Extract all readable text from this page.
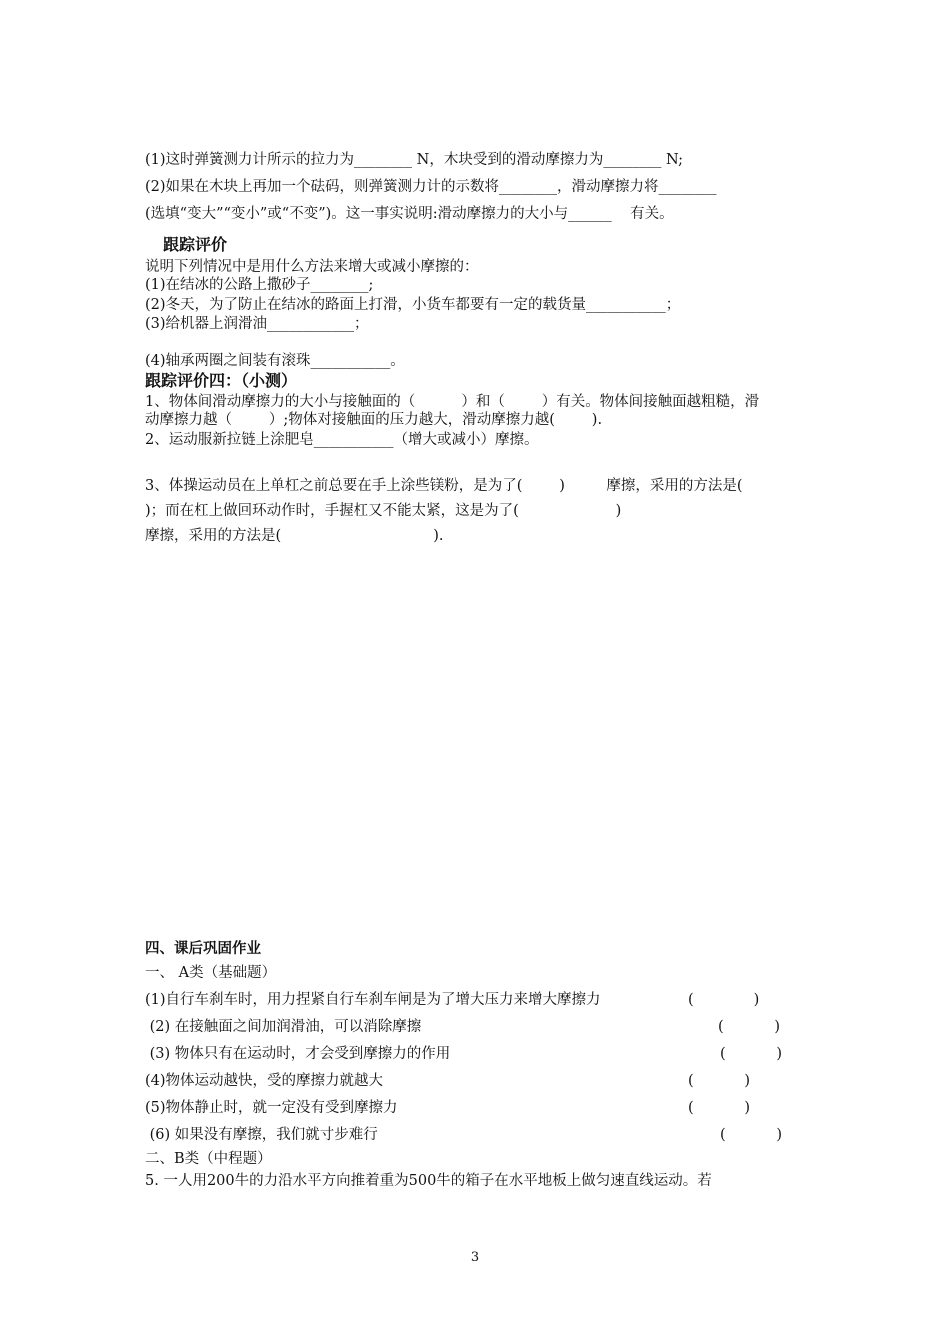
(1)这时弹簧测力计所示的拉力为________ N，木块受到的滑动摩擦力为________ N;
(2)如果在木块上再加一个砝码，则弹簧测力计的示数将________，滑动摩擦力将________
(选填“变大”“变小”或“不变”)。这一事实说明:滑动摩擦力的大小与______    有关。
跟踪评价
说明下列情况中是用什么方法来增大或减小摩擦的：
(1)在结冰的公路上撒砂子________;
(2)冬天，为了防止在结冰的路面上打滑，小货车都要有一定的载货量___________；
(3)给机器上润滑油____________；
(4)轴承两圈之间装有滚珠___________。
跟踪评价四：（小测）
1、物体间滑动摩擦力的大小与接触面的（          ）和（        ）有关。物体间接触面越粗糙，滑
动摩擦力越（        ）;物体对接触面的压力越大，滑动摩擦力越(        ).
2、运动服新拉链上涂肥皂___________（增大或减小）摩擦。
3、体操运动员在上单杠之前总要在手上涂些镁粉，是为了(        )         摩擦，采用的方法是(
)；而在杠上做回环动作时，手握杠又不能太紧，这是为了(                     )
摩擦，采用的方法是(                                 ).
四、课后巩固作业
一、 A类（基础题）
(1)自行车刹车时，用力捏紧自行车刹车闸是为了增大压力来增大摩擦力	(             )
(2) 在接触面之间加润滑油，可以消除摩擦	(           )
(3) 物体只有在运动时，才会受到摩擦力的作用	(           )
(4)物体运动越快，受的摩擦力就越大	(           )
(5)物体静止时，就一定没有受到摩擦力	(           )
(6) 如果没有摩擦，我们就寸步难行	(           )
二、B类（中程题）
5. 一人用200牛的力沿水平方向推着重为500牛的箱子在水平地板上做匀速直线运动。若
3
